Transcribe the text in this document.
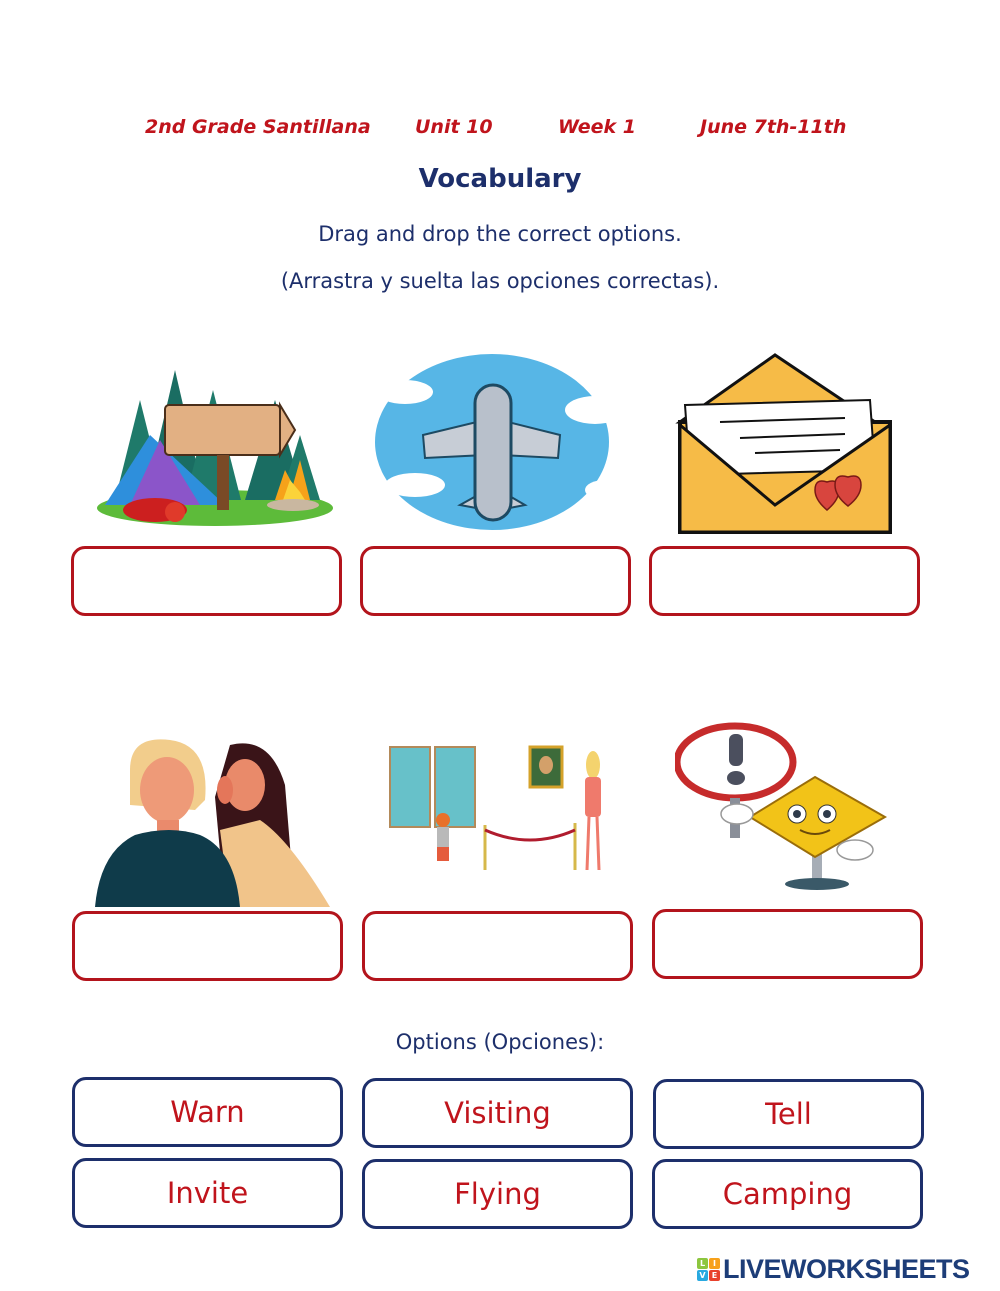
2nd Grade Santillana Unit 10	Week 1	June 7th-11th
Vocabulary
Drag and drop the correct options.
(Arrastra y suelta las opciones correctas).
Options (Opciones):
Warn	Visiting	Tell
Invite	Flying	Camping
L I
V E LIVEWORKSHEETS
